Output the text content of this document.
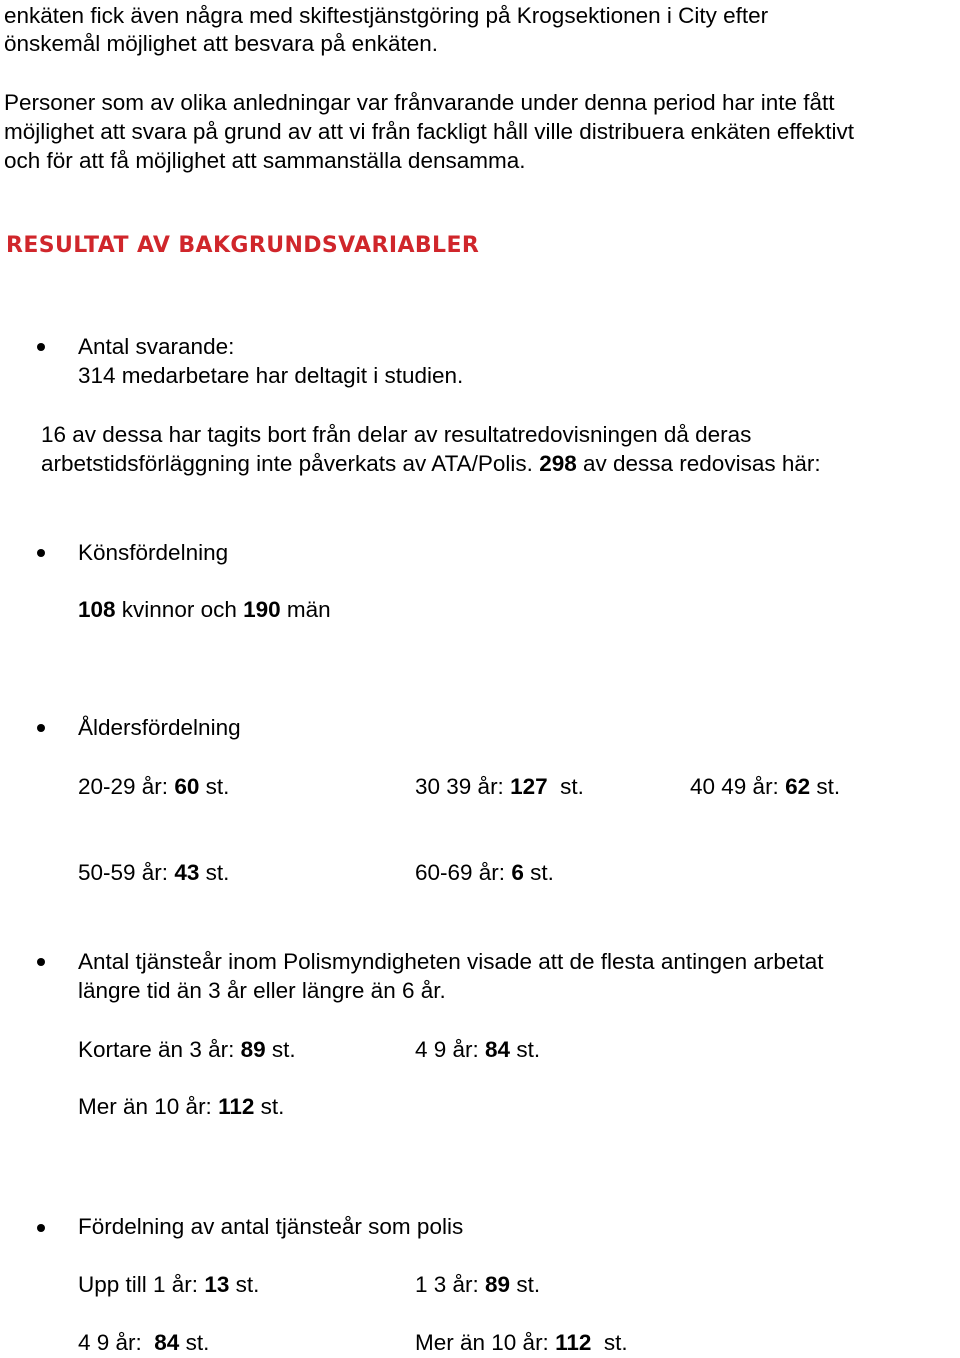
enkäten fick även några med skiftestjänstgöring på Krogsektionen i City efter
önskemål möjlighet att besvara på enkäten.
Personer som av olika anledningar var frånvarande under denna period har inte fått
möjlighet att svara på grund av att vi från fackligt håll ville distribuera enkäten effektivt
och för att få möjlighet att sammanställa densamma.
RESULTAT AV BAKGRUNDSVARIABLER
Antal svarande:
314 medarbetare har deltagit i studien.
16 av dessa har tagits bort från delar av resultatredovisningen då deras
arbetstidsförläggning inte påverkats av ATA/Polis. 298 av dessa redovisas här:
Könsfördelning
108 kvinnor och 190 män
Åldersfördelning
20-29 år: 60 st.	30 39 år: 127  st.	40 49 år: 62 st.
50-59 år: 43 st.	60-69 år: 6 st.
Antal tjänsteår inom Polismyndigheten visade att de flesta antingen arbetat
längre tid än 3 år eller längre än 6 år.
Kortare än 3 år: 89 st.	4 9 år: 84 st.
Mer än 10 år: 112 st.
Fördelning av antal tjänsteår som polis
Upp till 1 år: 13 st.	1 3 år: 89 st.
4 9 år:  84 st.	Mer än 10 år: 112  st.
